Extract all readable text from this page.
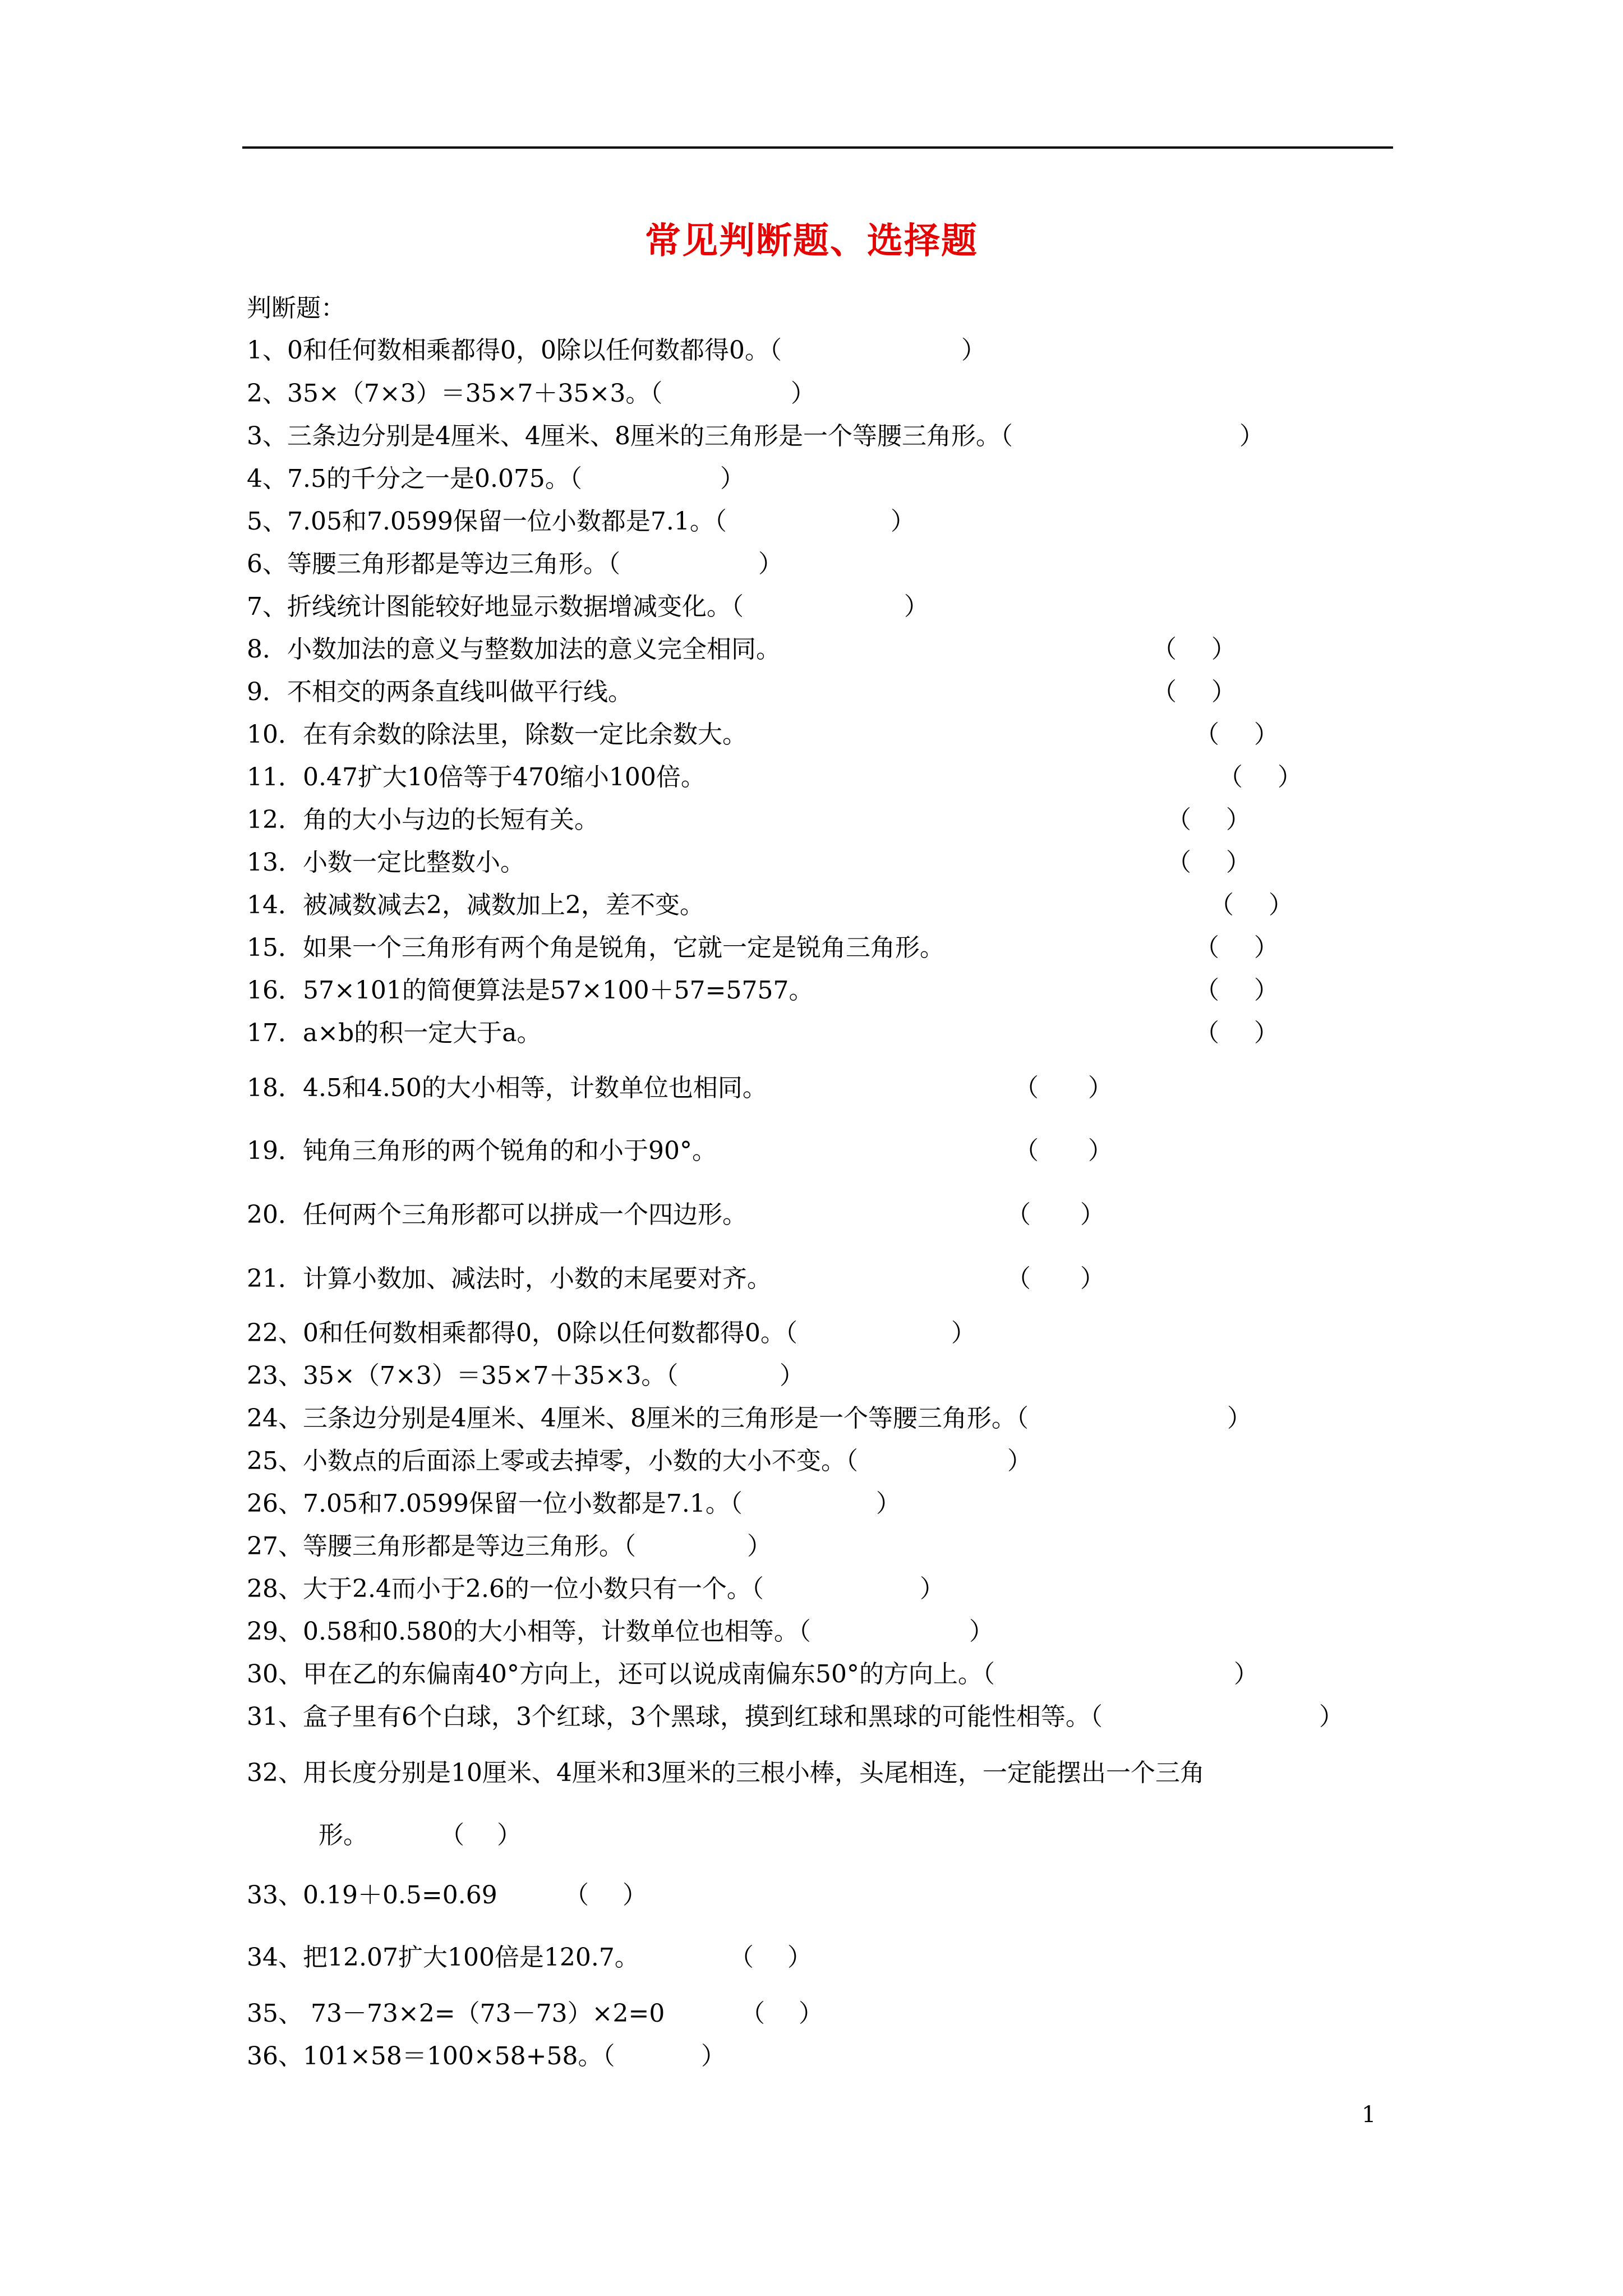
常见判断题、选择题
判断题：
1、0和任何数相乘都得0，0除以任何数都得0。（	）
2、35×（7×3）＝35×7＋35×3。（	）
3、三条边分别是4厘米、4厘米、8厘米的三角形是一个等腰三角形。（	）
4、7.5的千分之一是0.075。（	）
5、7.05和7.0599保留一位小数都是7.1。（	）
6、等腰三角形都是等边三角形。（	）
7、折线统计图能较好地显示数据增减变化。（	）
8．小数加法的意义与整数加法的意义完全相同。	（ ）
9．不相交的两条直线叫做平行线。	（ ）
10．在有余数的除法里，除数一定比余数大。	（ ）
11．0.47扩大10倍等于470缩小100倍。	（ ）
12．角的大小与边的长短有关。	（ ）
13．小数一定比整数小。	（ ）
14．被减数减去2，减数加上2，差不变。	（ ）
15．如果一个三角形有两个角是锐角，它就一定是锐角三角形。	（ ）
16．57×101的简便算法是57×100＋57=5757。	（ ）
17．a×b的积一定大于a。	（ ）
18．4.5和4.50的大小相等，计数单位也相同。	（ ）
19．钝角三角形的两个锐角的和小于90°。	（ ）
20．任何两个三角形都可以拼成一个四边形。	（ ）
21．计算小数加、减法时，小数的末尾要对齐。	（ ）
22、0和任何数相乘都得0，0除以任何数都得0。（	）
23、35×（7×3）＝35×7＋35×3。（	）
24、三条边分别是4厘米、4厘米、8厘米的三角形是一个等腰三角形。（	）
25、小数点的后面添上零或去掉零，小数的大小不变。（	）
26、7.05和7.0599保留一位小数都是7.1。（	）
27、等腰三角形都是等边三角形。（	）
28、大于2.4而小于2.6的一位小数只有一个。（	）
29、0.58和0.580的大小相等，计数单位也相等。（	）
30、甲在乙的东偏南40°方向上，还可以说成南偏东50°的方向上。（	）
31、盒子里有6个白球，3个红球，3个黑球，摸到红球和黑球的可能性相等。（	）
32、用长度分别是10厘米、4厘米和3厘米的三根小棒，头尾相连，一定能摆出一个三角
形。	（ ）
33、0.19＋0.5=0.69	（ ）
34、把12.07扩大100倍是120.7。	（ ）
35、 73－73×2=（73－73）×2=0	（ ）
36、101×58＝100×58+58。（	）
1
